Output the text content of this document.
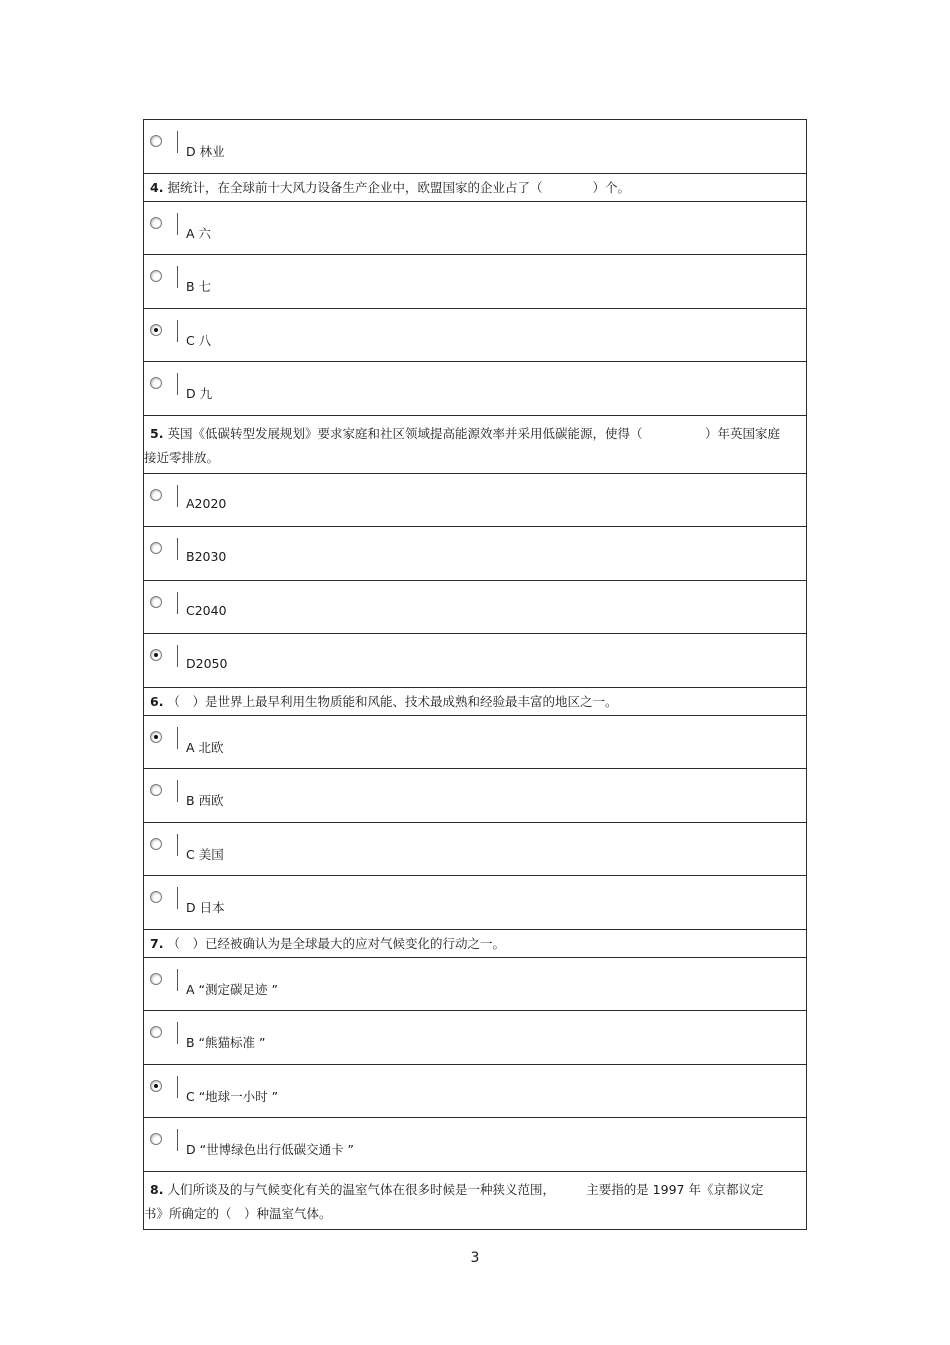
D 林业
4. 据统计，在全球前十大风力设备生产企业中，欧盟国家的企业占了（　　　　）个。
A 六
B 七
C 八
D 九
5. 英国《低碳转型发展规划》要求家庭和社区领域提高能源效率并采用低碳能源，使得（　　　　　）年英国家庭
接近零排放。
A2020
B2030
C2040
D2050
6. （　）是世界上最早利用生物质能和风能、技术最成熟和经验最丰富的地区之一。
A 北欧
B 西欧
C 美国
D 日本
7. （　）已经被确认为是全球最大的应对气候变化的行动之一。
A “测定碳足迹 ”
B “熊猫标准 ”
C “地球一小时 ”
D “世博绿色出行低碳交通卡 ”
8. 人们所谈及的与气候变化有关的温室气体在很多时候是一种狭义范围，　　　主要指的是 1997 年《京都议定
书》所确定的（　）种温室气体。
3
